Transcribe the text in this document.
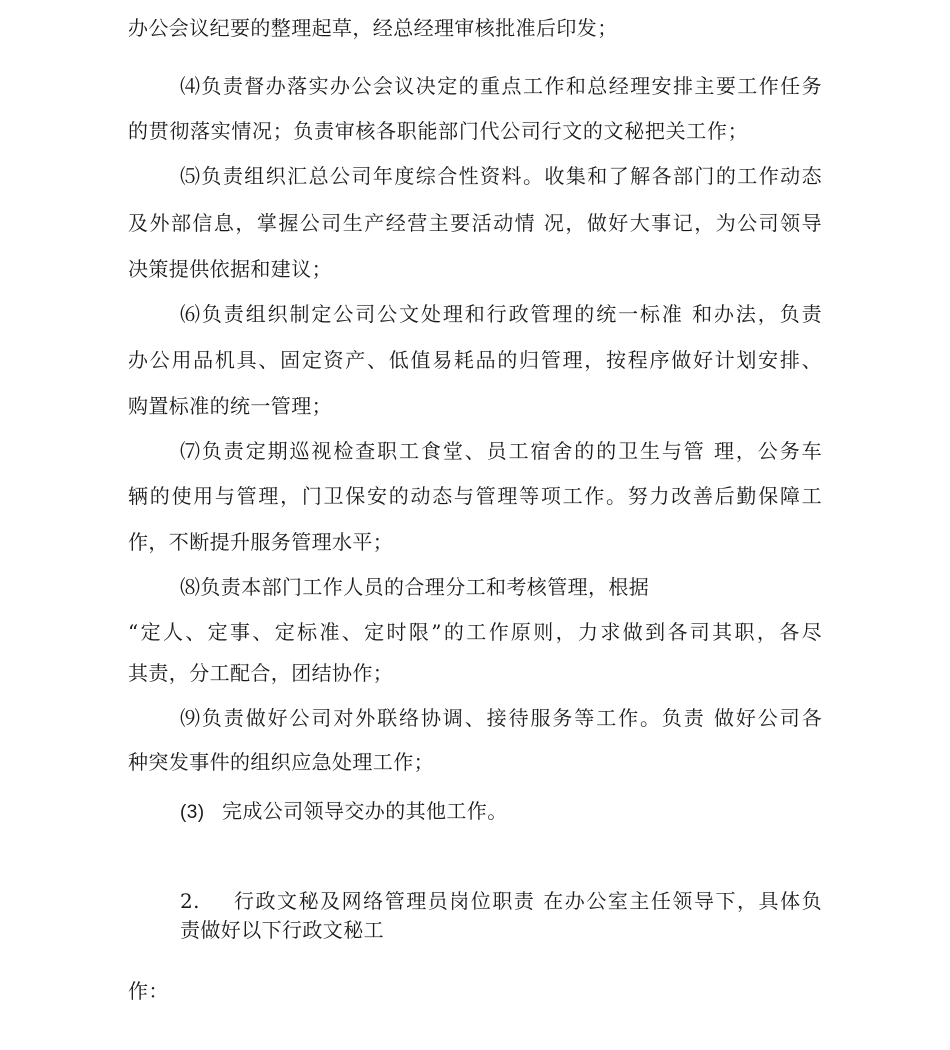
办公会议纪要的整理起草，经总经理审核批准后印发；
⑷负责督办落实办公会议决定的重点工作和总经理安排主要工作任务
的贯彻落实情况；负责审核各职能部门代公司行文的文秘把关工作；
⑸负责组织汇总公司年度综合性资料。收集和了解各部门的工作动态
及外部信息，掌握公司生产经营主要活动情 况，做好大事记，为公司领导
决策提供依据和建议；
⑹负责组织制定公司公文处理和行政管理的统一标准 和办法，负责
办公用品机具、固定资产、低值易耗品的归管理，按程序做好计划安排、
购置标准的统一管理；
⑺负责定期巡视检查职工食堂、员工宿舍的的卫生与管 理，公务车
辆的使用与管理，门卫保安的动态与管理等项工作。努力改善后勤保障工
作，不断提升服务管理水平；
⑻负责本部门工作人员的合理分工和考核管理，根据
“定人、定事、定标准、定时限”的工作原则，力求做到各司其职，各尽
其责，分工配合，团结协作；
⑼负责做好公司对外联络协调、接待服务等工作。负责 做好公司各
种突发事件的组织应急处理工作；
(3) 完成公司领导交办的其他工作。
2. 行政文秘及网络管理员岗位职责 在办公室主任领导下，具体负
责做好以下行政文秘工
作：
